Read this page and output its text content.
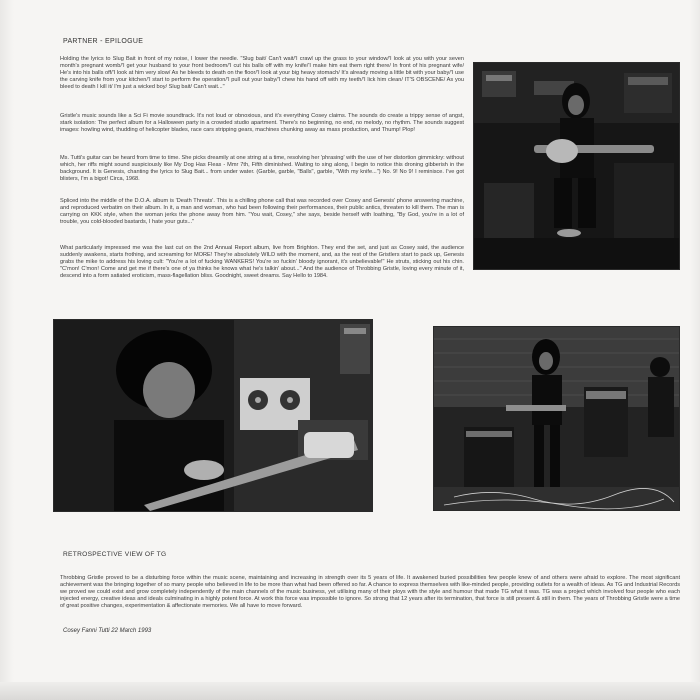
PARTNER - EPILOGUE
Holding the lyrics to Slug Bait in front of my noise, I lower the needle. "Slug bait/ Can't wait/'I crawl up the grass to your window/'I look at you with your seven month's pregnant womb/'I get your husband to your front bedroom/'I cut his balls off with my knife/'I make him eat them right there/ In front of his pregnant wife/ He's into his balls off/'I look at him very slow/ As he bleeds to death on the floor/'I look at your big heavy stomach/ It's already moving a little bit with your baby/'I use the carving knife from your kitchen/'I start to perform the operation/'I pull out your baby/'I chew his hand off with my teeth/'I lick him clean/ IT'S OBSCENE/ As you bleed to death I kill it/ I'm just a wicked boy/ Slug bait/ Can't wait..."
Gristle's music sounds like a Sci Fi movie soundtrack. It's not loud or obnoxious, and it's everything Cosey claims. The sounds do create a trippy sense of angst, stark isolation: The perfect album for a Halloween party in a crowded studio apartment. There's no beginning, no end, no melody, no rhythm. The sounds suggest images: howling wind, thudding of helicopter blades, race cars stripping gears, machines chunking away as mass production, and Thump! Plop!
Ms. Tutti's guitar can be heard from time to time. She picks dreamily at one string at a time, resolving her 'phrasing' with the use of her distortion gimmickry: without which, her riffs might sound suspiciously like My Dog Has Fleas - Mmr 7th, Fifth diminished. Waiting to sing along, I begin to notice this droning gibberish in the background. It is Genesis, chanting the lyrics to Slug Bait... from under water. (Garble, garble, "Balls", garble, "With my knife...") No. 9! No 9! I reminisce. I've got blisters, I'm a bigot! Circa, 1968.
Spliced into the middle of the D.O.A. album is 'Death Threats'. This is a chilling phone call that was recorded over Cosey and Genesis' phone answering machine, and reproduced verbatim on their album. In it, a man and woman, who had been following their performances, their public antics, threaten to kill them. The man is carrying on KKK style, when the woman jerks the phone away from him. "You wait, Cosey," she says, beside herself with loathing, "By God, you're in a lot of trouble, you cold-blooded bastards, I hate your guts..."
What particularly impressed me was the last cut on the 2nd Annual Report album, live from Brighton. They end the set, and just as Cosey said, the audience suddenly awakens, starts frothing, and screaming for MORE! They're absolutely WILD with the moment, and, as the rest of the Gristlers start to pack up, Genesis grabs the mike to address his loving cult: "You're a lot of fucking WANKERS! You're so fuckin' bloody ignorant, it's unbelievable!" He struts, sticking out his chin. "C'mon! C'mon! Come and get me if there's one of ya thinks he knows what he's talkin' about..." And the audience of Throbbing Gristle, loving every minute of it, descend into a form satiated eroticism, mass-flagellation bliss. Goodnight, sweet dreams. Say Hello to 1984.
RETROSPECTIVE VIEW OF TG
Throbbing Gristle proved to be a disturbing force within the music scene, maintaining and increasing in strength over its 5 years of life. It awakened buried possibilities few people knew of and others were afraid to explore. The most significant achievement was the bringing together of so many people who believed in life to be more than what had been offered so far. A chance to express themselves with like-minded people, providing outlets for a wealth of ideas. As TG and Industrial Records we proved we could exist and grow completely independently of the main channels of the music business, yet utilising many of their ploys with the style and humour that made TG what it was. TG was a project which involved four people who each injected energy, creative ideas and ideals culminating in a highly potent force. At work this force was impossible to ignore. So strong that 12 years after its termination, that force is still present & still in them. The years of Throbbing Gristle were a time of great positive changes, experimentation & affectionate memories. We all have to move forward.
Cosey Fanni Tutti 22 March 1993
